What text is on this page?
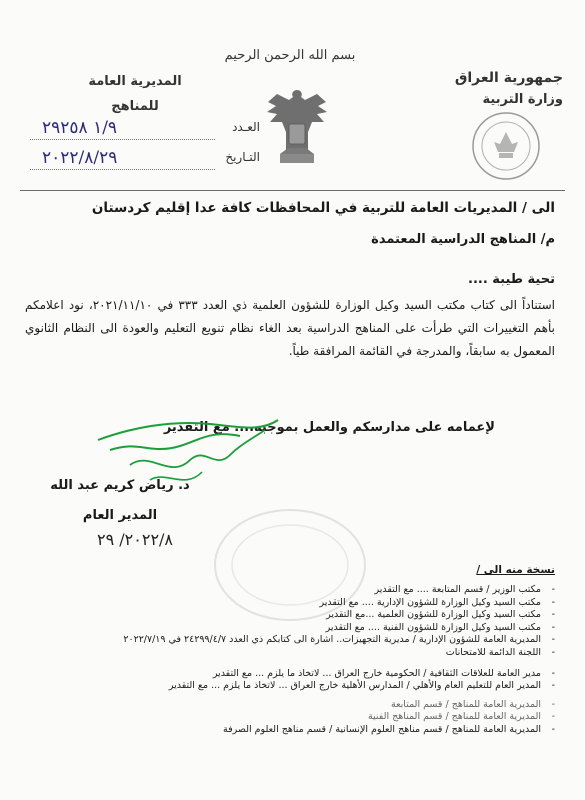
بسم الله الرحمن الرحيم
جمهورية العراق
وزارة التربية
المديرية العامة
للمناهج
العـدد
١/٩ ٢٩٢٥٨
التـاريخ
٢٠٢٢/٨/٢٩
الى / المديريات العامة للتربية في المحافظات كافة عدا إقليم كردستان
م/ المناهج الدراسية المعتمدة
تحية طيبة ....
استناداً الى كتاب مكتب السيد وكيل الوزارة للشؤون العلمية ذي العدد ٣٣٣ في ٢٠٢١/١١/١٠، نود اعلامكم بأهم التغييرات التي طرأت على المناهج الدراسية بعد الغاء نظام تنويع التعليم والعودة الى النظام الثانوي المعمول به سابقاً، والمدرجة في القائمة المرافقة طياً.
لإعمامه على مدارسكم والعمل بموجبه.... مع التقدير
د. رياض كريم عبد الله
المدير العام
٢٠٢٢/٨/ ٢٩
نسخة منه الى /
- مكتب الوزير / قسم المتابعة .... مع التقدير
- مكتب السيد وكيل الوزارة للشؤون الإدارية .... مع التقدير
- مكتب السيد وكيل الوزارة للشؤون العلمية ...مع التقدير
- مكتب السيد وكيل الوزارة للشؤون الفنية .... مع التقدير
- المديرية العامة للشؤون الإدارية / مديرية التجهيزات.. اشارة الى كتابكم ذي العدد ٢٤٢٩٩/٤/٧ في ٢٠٢٢/٧/١٩
- اللجنة الدائمة للامتحانات
- مدير العامة للعلاقات الثقافية / الحكومية خارج العراق ... لاتخاذ ما يلزم ... مع التقدير
- المدير العام للتعليم العام والأهلي / المدارس الأهلية خارج العراق ... لاتخاذ ما يلزم ... مع التقدير
- المديرية العامة للمناهج / قسم المتابعة
- المديرية العامة للمناهج / قسم المناهج الفنية
- المديرية العامة للمناهج / قسم مناهج العلوم الإنسانية / قسم مناهج العلوم الصرفة
